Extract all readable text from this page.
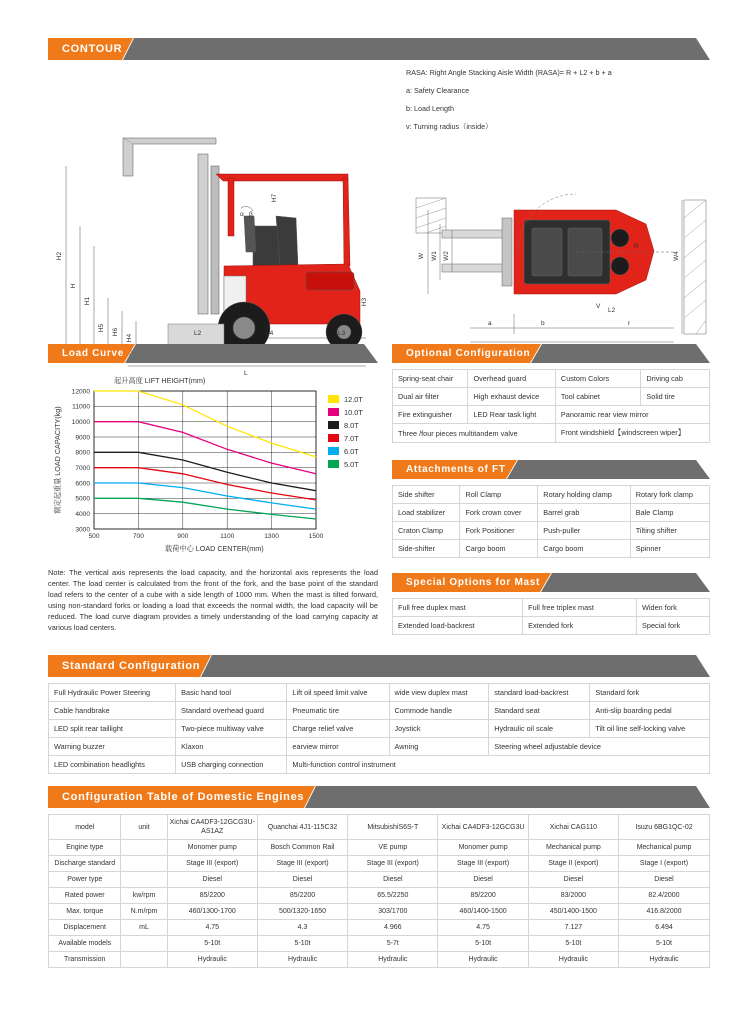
CONTOUR
H2
H
H1
H5 H6
H4
H7
H3
L2	L4	L3
L
α β
RASA: Right Angle Stacking Aisle Width (RASA)= R + L2 + b + a
a: Safety Clearance
b: Load Length
v: Turning radius（inside）
W W1 W2	W4
a	b	r
V
L2
R
Load Curve
3000
4000
5000
6000
7000
8000
9000
10000
11000
12000
500	700	900	1100	1300	1500
12.0T
10.0T
8.0T
7.0T
6.0T
5.0T
起升高度 LIFT HEIGHT(mm)
载荷中心 LOAD CENTER(mm)
额定起重量 LOAD CAPACITY(kg)
Note: The vertical axis represents the load capacity, and the horizontal axis represents the load center. The load center is calculated from the front of the fork, and the base point of the standard load refers to the center of a cube with a side length of 1000 mm. When the mast is tilted forward, using non-standard forks or loading a load that exceeds the normal width, the load capacity will be reduced. The load curve diagram provides a timely understanding of the load carrying capacity at various load centers.
Optional Configuration
Spring-seat chair	Overhead guard	Custom Colors	Driving cab
Dual air filter	High exhaust device	Tool cabinet	Solid tire
Fire extinguisher	LED Rear task light	Panoramic rear view mirror	
Three /four pieces multitandem valve		Front windshield【windscreen wiper】	
Attachments of FT
Side shifter	Roll Clamp	Rotary holding clamp	Rotary fork clamp
Load stabilizer	Fork crown cover	Barrel grab	Bale Clamp
Craton Clamp	Fork Positioner	Push-puller	Tilting shifter
Side-shifter	Cargo boom	Cargo boom	Spinner
Special Options for Mast
Full free duplex mast	Full free triplex mast	Widen fork
Extended load-backrest	Extended fork	Special fork
Standard Configuration
Full Hydraulic Power Steering	Basic hand tool	Lift oil speed limit valve	wide view duplex mast	standard load-backrest	Standard fork
Cable handbrake	Standard overhead guard	Pneumatic tire	Commode handle	Standard seat	Anti-slip boarding pedal
LED split rear taillight	Two-piece multiway valve	Charge relief valve	Joystick	Hydraulic oil scale	Tilt oil line self-locking valve
Warning buzzer	Klaxon	earview mirror	Awning	Steering wheel adjustable device	
LED combination headlights	USB charging connection	Multi-function control instrument			
Configuration Table of Domestic Engines
model	unit	Xichai CA4DF3-12GCG3U-AS1AZ	Quanchai 4J1-115C32	MitsubishiS6S-T	Xichai CA4DF3-12GCG3U	Xichai CAG110	Isuzu 6BG1QC-02
Engine type		Monomer pump	Bosch Common Rail	VE pump	Monomer pump	Mechanical pump	Mechanical pump
Discharge standard		Stage III (export)	Stage III (export)	Stage III (export)	Stage III (export)	Stage II (export)	Stage I (export)
Power type		Diesel	Diesel	Diesel	Diesel	Diesel	Diesel
Rated power	kw/rpm	85/2200	85/2200	65.5/2250	85/2200	83/2000	82.4/2000
Max. torque	N.m/rpm	460/1300-1700	500/1320-1650	303/1700	460/1400-1500	450/1400-1500	416.8/2000
Displacement	mL	4.75	4.3	4.966	4.75	7.127	6.494
Available models		5-10t	5-10t	5-7t	5-10t	5-10t	5-10t
Transmission		Hydraulic	Hydraulic	Hydraulic	Hydraulic	Hydraulic	Hydraulic
